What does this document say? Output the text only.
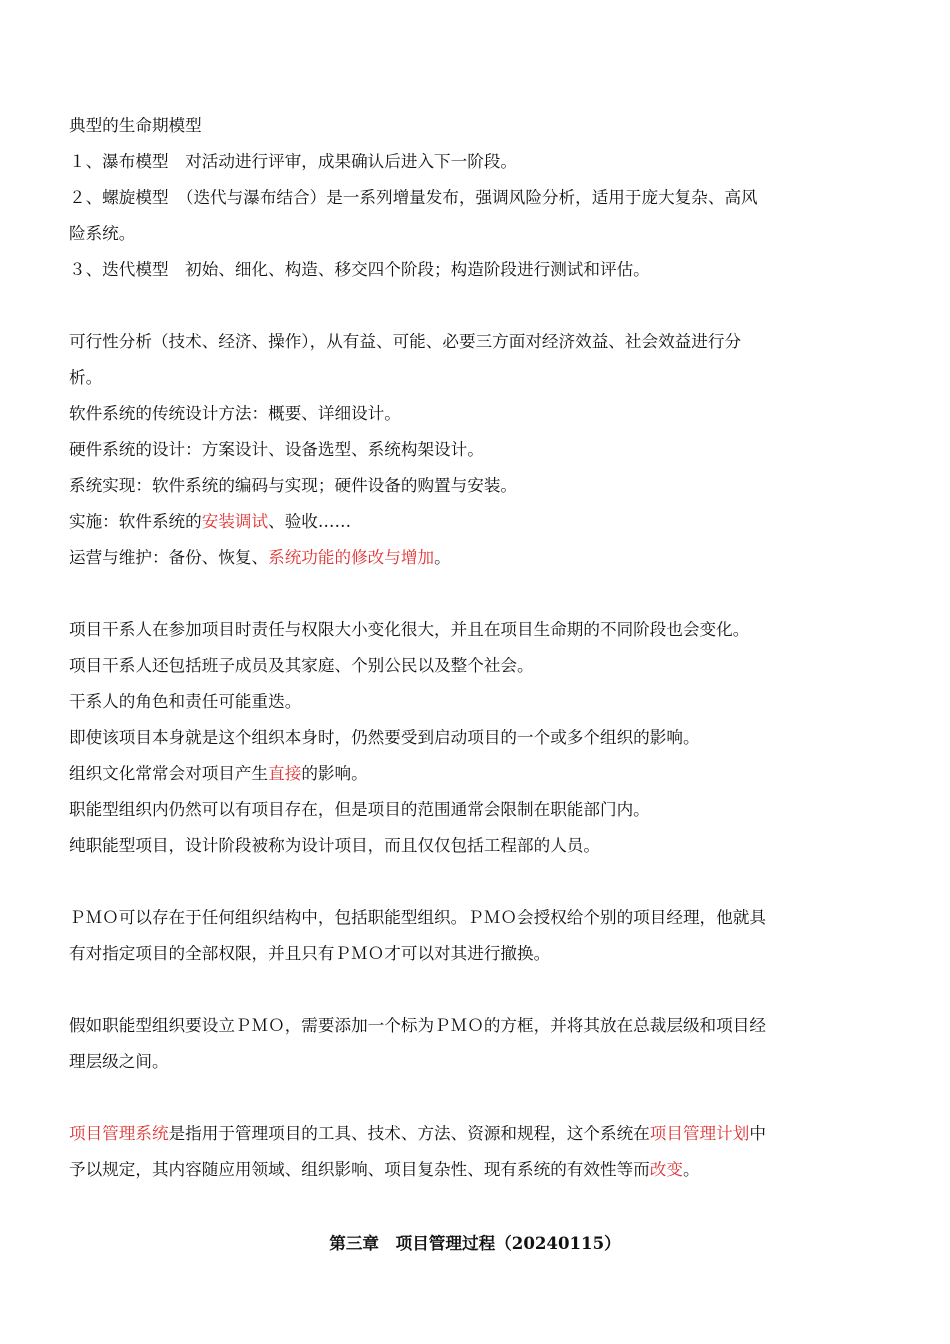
典型的生命期模型
１、瀑布模型　对活动进行评审，成果确认后进入下一阶段。
２、螺旋模型　（迭代与瀑布结合）是一系列增量发布，强调风险分析，适用于庞大复杂、高风
险系统。
３、迭代模型　初始、细化、构造、移交四个阶段；构造阶段进行测试和评估。
可行性分析（技术、经济、操作），从有益、可能、必要三方面对经济效益、社会效益进行分
析。
软件系统的传统设计方法：概要、详细设计。
硬件系统的设计：方案设计、设备选型、系统构架设计。
系统实现：软件系统的编码与实现；硬件设备的购置与安装。
实施：软件系统的安装调试、验收……
运营与维护：备份、恢复、系统功能的修改与增加。
项目干系人在参加项目时责任与权限大小变化很大，并且在项目生命期的不同阶段也会变化。
项目干系人还包括班子成员及其家庭、个别公民以及整个社会。
干系人的角色和责任可能重迭。
即使该项目本身就是这个组织本身时，仍然要受到启动项目的一个或多个组织的影响。
组织文化常常会对项目产生直接的影响。
职能型组织内仍然可以有项目存在，但是项目的范围通常会限制在职能部门内。
纯职能型项目，设计阶段被称为设计项目，而且仅仅包括工程部的人员。
ＰＭＯ可以存在于任何组织结构中，包括职能型组织。ＰＭＯ会授权给个别的项目经理，他就具
有对指定项目的全部权限，并且只有ＰＭＯ才可以对其进行撤换。
假如职能型组织要设立ＰＭＯ，需要添加一个标为ＰＭＯ的方框，并将其放在总裁层级和项目经
理层级之间。
项目管理系统是指用于管理项目的工具、技术、方法、资源和规程，这个系统在项目管理计划中
予以规定，其内容随应用领域、组织影响、项目复杂性、现有系统的有效性等而改变。
第三章　项目管理过程（20240115）
